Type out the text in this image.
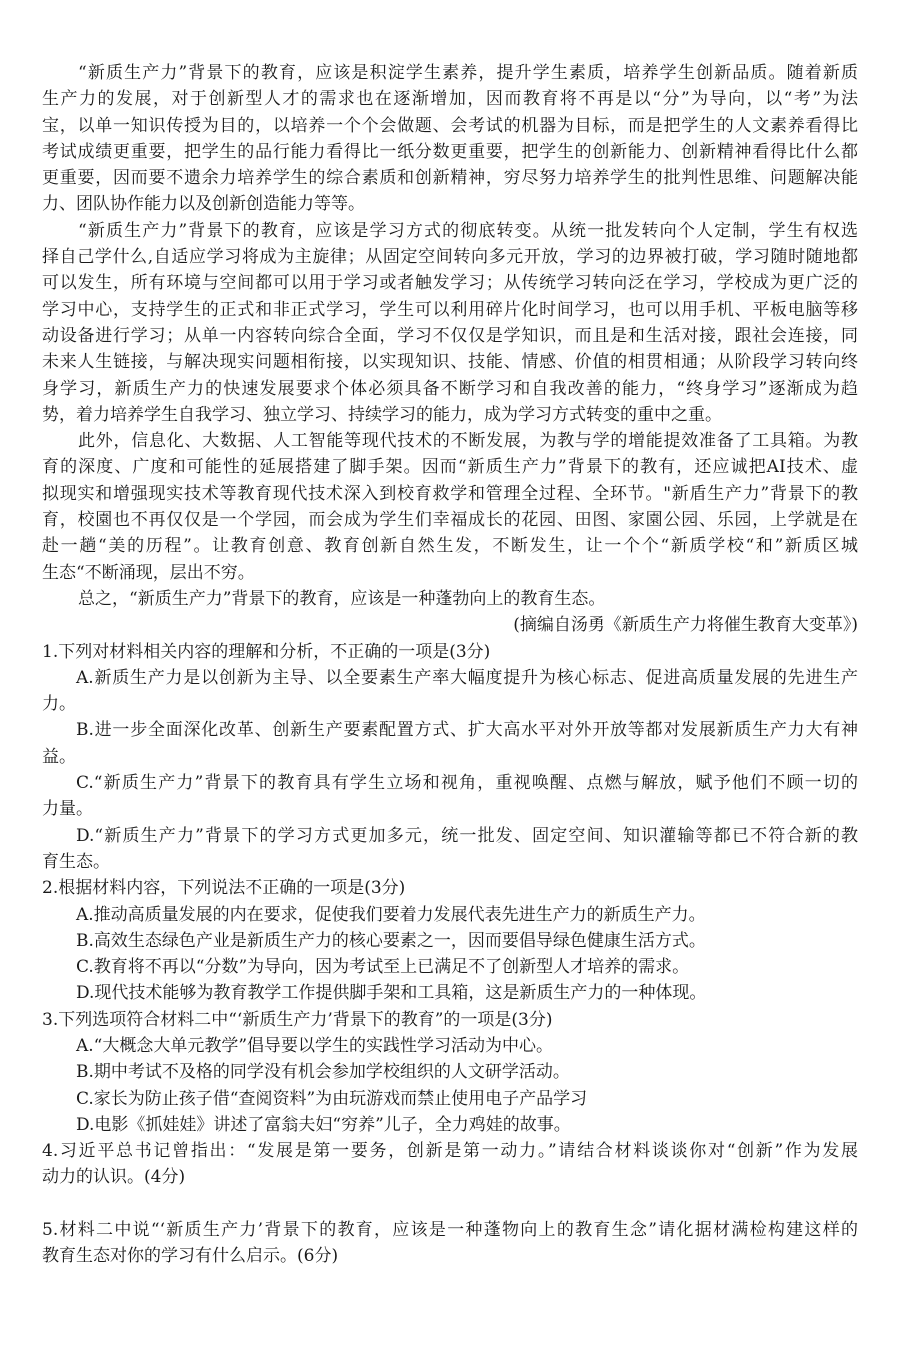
“新质生产力”背景下的教育，应该是积淀学生素养，提升学生素质，培养学生创新品质。随着新质
生产力的发展，对于创新型人才的需求也在逐渐增加，因而教育将不再是以“分”为导向，以“考”为法
宝，以单一知识传授为目的，以培养一个个会做题、会考试的机器为目标，而是把学生的人文素养看得比
考试成绩更重要，把学生的品行能力看得比一纸分数更重要，把学生的创新能力、创新精神看得比什么都
更重要，因而要不遗余力培养学生的综合素质和创新精神，穷尽努力培养学生的批判性思维、问题解决能
力、团队协作能力以及创新创造能力等等。
“新质生产力”背景下的教育，应该是学习方式的彻底转变。从统一批发转向个人定制，学生有权选
择自己学什么,自适应学习将成为主旋律；从固定空间转向多元开放，学习的边界被打破，学习随时随地都
可以发生，所有环境与空间都可以用于学习或者触发学习；从传统学习转向泛在学习，学校成为更广泛的
学习中心，支持学生的正式和非正式学习，学生可以利用碎片化时间学习，也可以用手机、平板电脑等移
动设备进行学习；从单一内容转向综合全面，学习不仅仅是学知识，而且是和生活对接，跟社会连接，同
未来人生链接，与解决现实问题相衔接，以实现知识、技能、情感、价值的相贯相通；从阶段学习转向终
身学习，新质生产力的快速发展要求个体必须具备不断学习和自我改善的能力，“终身学习”逐渐成为趋
势，着力培养学生自我学习、独立学习、持续学习的能力，成为学习方式转变的重中之重。
此外，信息化、大数据、人工智能等现代技术的不断发展，为教与学的增能提效准备了工具箱。为教
育的深度、广度和可能性的延展搭建了脚手架。因而“新质生产力”背景下的教有，还应诚把AI技术、虚
拟现实和增强现实技术等教育现代技术深入到校育救学和管理全过程、全环节。"新盾生产力”背景下的教
育，校園也不再仅仅是一个学园，而会成为学生们幸福成长的花园、田图、家園公园、乐园，上学就是在
赴一趟“美的历程”。让教育创意、教育创新自然生发，不断发生，让一个个“新质学校“和”新质区城
生态“不断涌现，层出不穷。
总之，“新质生产力”背景下的教育，应该是一种蓬勃向上的教育生态。
(摘编自汤勇《新质生产力将催生教育大变革》)
1.下列对材料相关内容的理解和分析，不正确的一项是(3分)
A.新质生产力是以创新为主导、以全要素生产率大幅度提升为核心标志、促进高质量发展的先进生产
力。
B.进一步全面深化改革、创新生产要素配置方式、扩大高水平对外开放等都对发展新质生产力大有神
益。
C.“新质生产力”背景下的教育具有学生立场和视角，重视唤醒、点燃与解放，赋予他们不顾一切的
力量。
D.“新质生产力”背景下的学习方式更加多元，统一批发、固定空间、知识灌输等都已不符合新的教
育生态。
2.根据材料内容，下列说法不正确的一项是(3分)
A.推动高质量发展的内在要求，促使我们要着力发展代表先进生产力的新质生产力。
B.高效生态绿色产业是新质生产力的核心要素之一，因而要倡导绿色健康生活方式。
C.教育将不再以“分数”为导向，因为考试至上已满足不了创新型人才培养的需求。
D.现代技术能够为教育教学工作提供脚手架和工具箱，这是新质生产力的一种体现。
3.下列选项符合材料二中“‘新质生产力’背景下的教育”的一项是(3分)
A.“大概念大单元教学”倡导要以学生的实践性学习活动为中心。
B.期中考试不及格的同学没有机会参加学校组织的人文研学活动。
C.家长为防止孩子借“查阅资料”为由玩游戏而禁止使用电子产品学习
D.电影《抓娃娃》讲述了富翁夫妇“穷养”儿子，全力鸡娃的故事。
4.习近平总书记曾指出：“发展是第一要务，创新是第一动力。”请结合材料谈谈你对“创新”作为发展
动力的认识。(4分)
5.材料二中说“‘新质生产力’背景下的教育，应该是一种蓬物向上的教育生念”请化据材满检构建这样的
教育生态对你的学习有什么启示。(6分)
